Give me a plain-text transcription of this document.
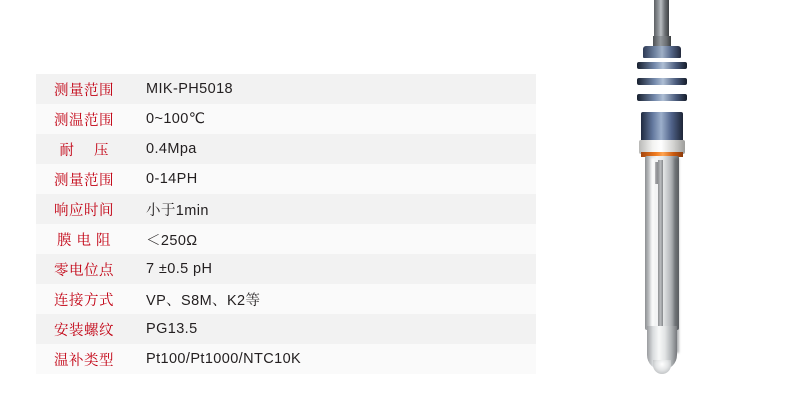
测量范围	MIK-PH5018

测温范围	0~100℃

耐 压	0.4Mpa

测量范围	0-14PH

响应时间	小于1min

膜 电 阻	＜250Ω

零电位点	7 ±0.5 pH

连接方式	VP、S8M、K2等

安装螺纹	PG13.5

温补类型	Pt100/Pt1000/NTC10K
